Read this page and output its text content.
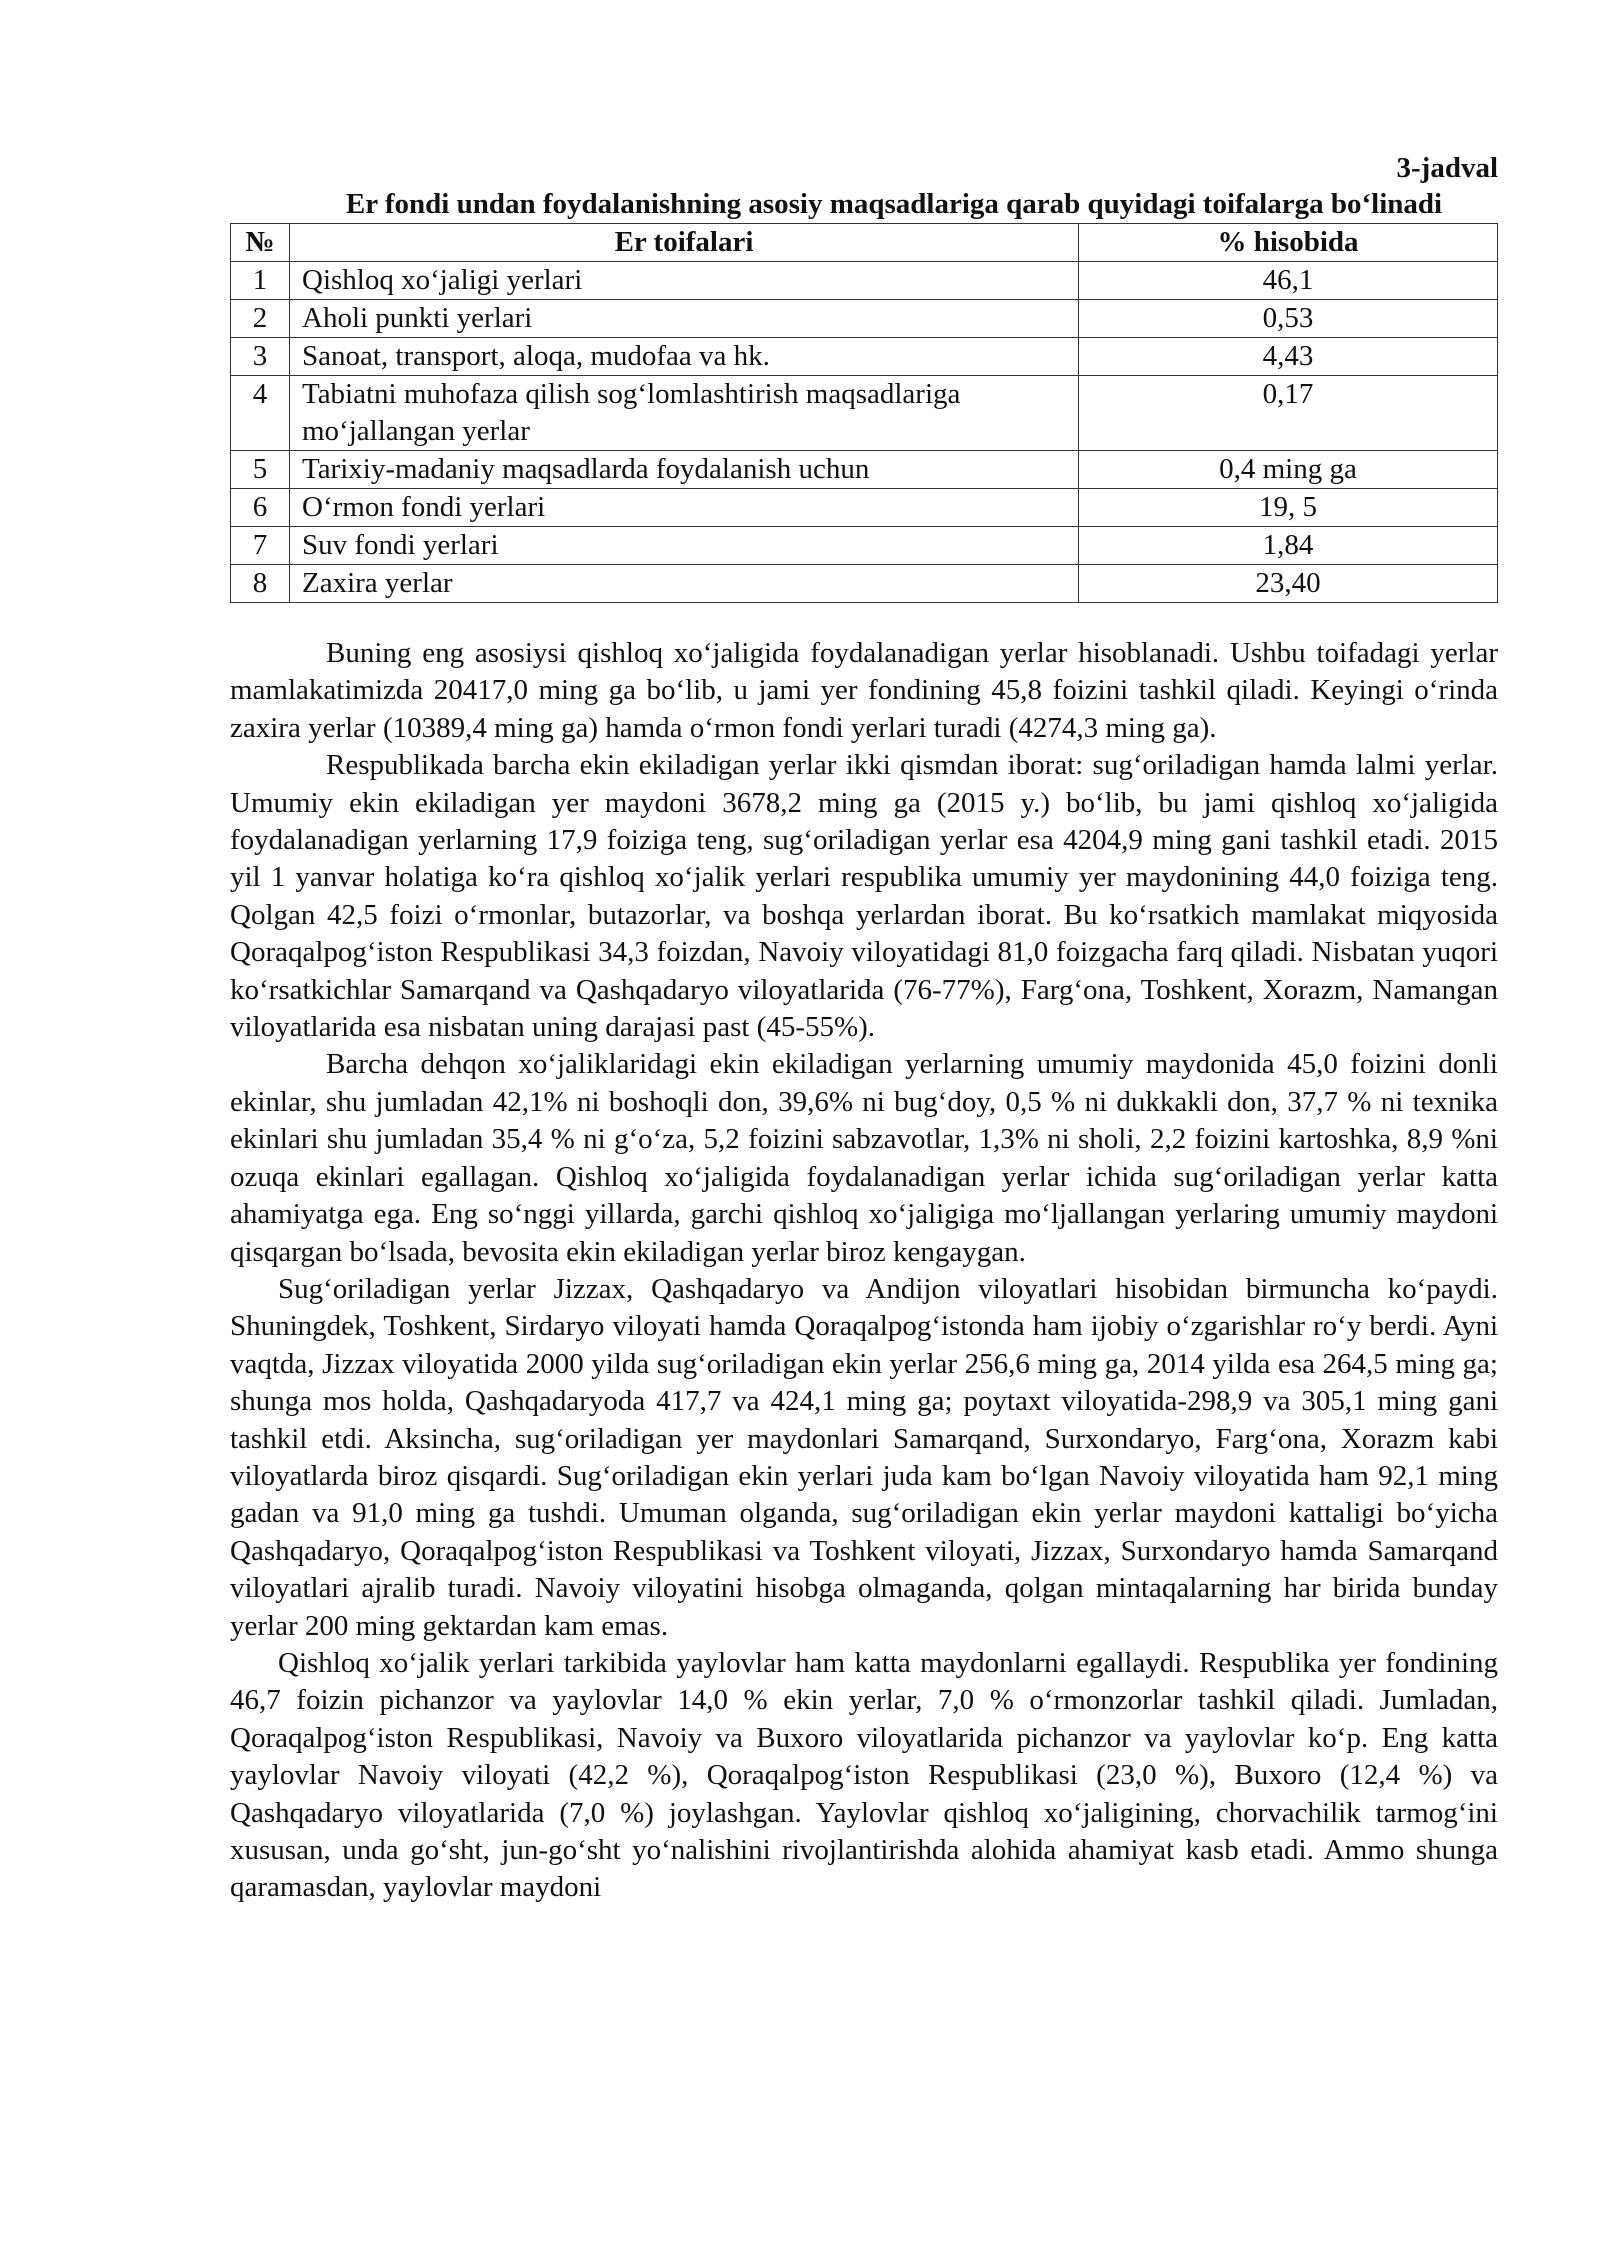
3-jadval
Er fondi undan foydalanishning asosiy maqsadlariga qarab quyidagi toifalarga bo‘linadi
№	Er toifalari	% hisobida
1	Qishloq xo‘jaligi yerlari	46,1
2	Aholi punkti yerlari	0,53
3	Sanoat, transport, aloqa, mudofaa va hk.	4,43
4	Tabiatni muhofaza qilish sog‘lomlashtirish maqsadlariga mo‘jallangan yerlar	0,17
5	Tarixiy-madaniy maqsadlarda foydalanish uchun	0,4 ming ga
6	O‘rmon fondi yerlari	19, 5
7	Suv fondi yerlari	1,84
8	Zaxira yerlar	23,40

Buning eng asosiysi qishloq xo‘jaligida foydalanadigan yerlar hisoblanadi. Ushbu toifadagi yerlar mamlakatimizda 20417,0 ming ga bo‘lib, u jami yer fondining 45,8 foizini tashkil qiladi. Keyingi o‘rinda zaxira yerlar (10389,4 ming ga) hamda o‘rmon fondi yerlari turadi (4274,3 ming ga).

Respublikada barcha ekin ekiladigan yerlar ikki qismdan iborat: sug‘oriladigan hamda lalmi yerlar. Umumiy ekin ekiladigan yer maydoni 3678,2 ming ga (2015 y.) bo‘lib, bu jami qishloq xo‘jaligida foydalanadigan yerlarning 17,9 foiziga teng, sug‘oriladigan yerlar esa 4204,9 ming gani tashkil etadi. 2015 yil 1 yanvar holatiga ko‘ra qishloq xo‘jalik yerlari respublika umumiy yer maydonining 44,0 foiziga teng. Qolgan 42,5 foizi o‘rmonlar, butazorlar, va boshqa yerlardan iborat. Bu ko‘rsatkich mamlakat miqyosida Qoraqalpog‘iston Respublikasi 34,3 foizdan, Navoiy viloyatidagi 81,0 foizgacha farq qiladi. Nisbatan yuqori ko‘rsatkichlar Samarqand va Qashqadaryo viloyatlarida (76-77%), Farg‘ona, Toshkent, Xorazm, Namangan viloyatlarida esa nisbatan uning darajasi past (45-55%).

Barcha dehqon xo‘jaliklaridagi ekin ekiladigan yerlarning umumiy maydonida 45,0 foizini donli ekinlar, shu jumladan 42,1% ni boshoqli don, 39,6% ni bug‘doy, 0,5 % ni dukkakli don, 37,7 % ni texnika ekinlari shu jumladan 35,4 % ni g‘o‘za, 5,2 foizini sabzavotlar, 1,3% ni sholi, 2,2 foizini kartoshka, 8,9 %ni ozuqa ekinlari egallagan. Qishloq xo‘jaligida foydalanadigan yerlar ichida sug‘oriladigan yerlar katta ahamiyatga ega. Eng so‘nggi yillarda, garchi qishloq xo‘jaligiga mo‘ljallangan yerlaring umumiy maydoni qisqargan bo‘lsada, bevosita ekin ekiladigan yerlar biroz kengaygan.

Sug‘oriladigan yerlar Jizzax, Qashqadaryo va Andijon viloyatlari hisobidan birmuncha ko‘paydi. Shuningdek, Toshkent, Sirdaryo viloyati hamda Qoraqalpog‘istonda ham ijobiy o‘zgarishlar ro‘y berdi. Ayni vaqtda, Jizzax viloyatida 2000 yilda sug‘oriladigan ekin yerlar 256,6 ming ga, 2014 yilda esa 264,5 ming ga; shunga mos holda, Qashqadaryoda 417,7 va 424,1 ming ga; poytaxt viloyatida-298,9 va 305,1 ming gani tashkil etdi. Aksincha, sug‘oriladigan yer maydonlari Samarqand, Surxondaryo, Farg‘ona, Xorazm kabi viloyatlarda biroz qisqardi. Sug‘oriladigan ekin yerlari juda kam bo‘lgan Navoiy viloyatida ham 92,1 ming gadan va 91,0 ming ga tushdi. Umuman olganda, sug‘oriladigan ekin yerlar maydoni kattaligi bo‘yicha Qashqadaryo, Qoraqalpog‘iston Respublikasi va Toshkent viloyati, Jizzax, Surxondaryo hamda Samarqand viloyatlari ajralib turadi. Navoiy viloyatini hisobga olmaganda, qolgan mintaqalarning har birida bunday yerlar 200 ming gektardan kam emas.

Qishloq xo‘jalik yerlari tarkibida yaylovlar ham katta maydonlarni egallaydi. Respublika yer fondining 46,7 foizin pichanzor va yaylovlar 14,0 % ekin yerlar, 7,0 % o‘rmonzorlar tashkil qiladi. Jumladan, Qoraqalpog‘iston Respublikasi, Navoiy va Buxoro viloyatlarida pichanzor va yaylovlar ko‘p. Eng katta yaylovlar Navoiy viloyati (42,2 %), Qoraqalpog‘iston Respublikasi (23,0 %), Buxoro (12,4 %) va Qashqadaryo viloyatlarida (7,0 %) joylashgan. Yaylovlar qishloq xo‘jaligining, chorvachilik tarmog‘ini xususan, unda go‘sht, jun-go‘sht yo‘nalishini rivojlantirishda alohida ahamiyat kasb etadi. Ammo shunga qaramasdan, yaylovlar maydoni
